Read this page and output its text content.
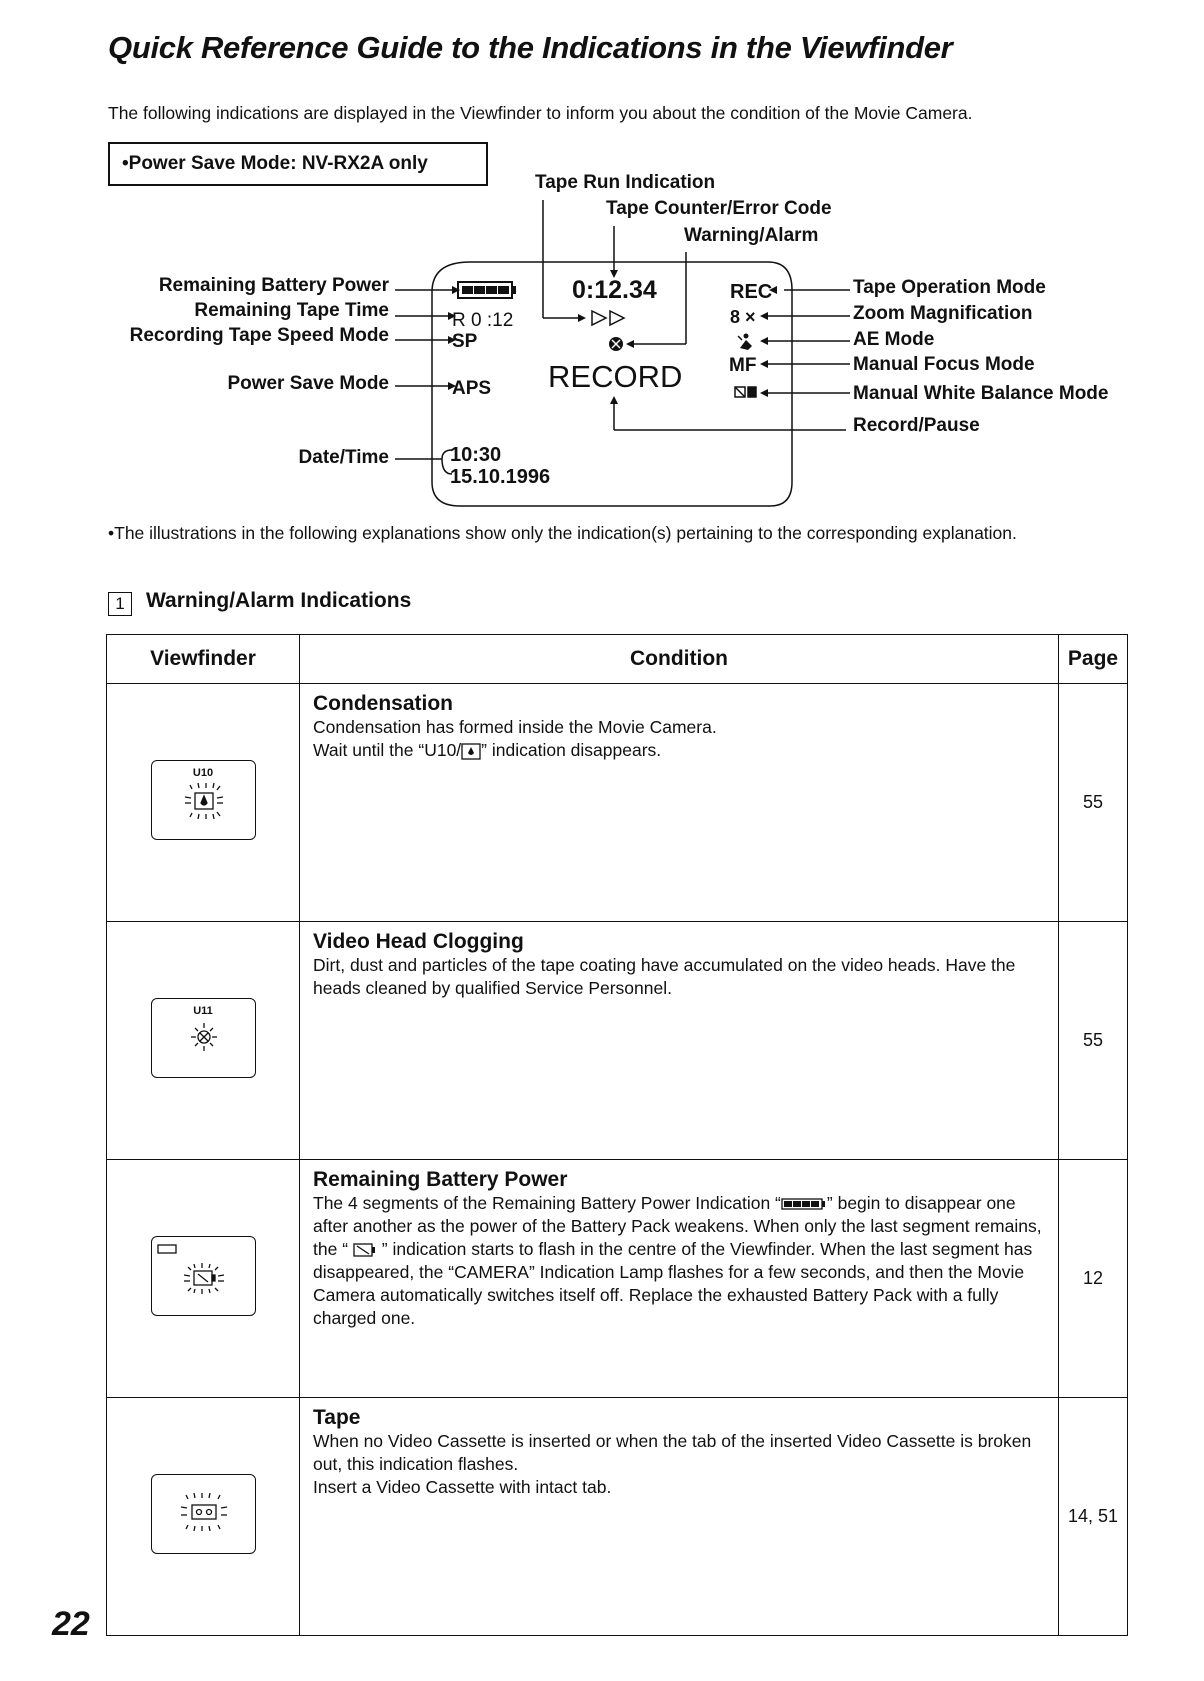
Quick Reference Guide to the Indications in the Viewfinder
The following indications are displayed in the Viewfinder to inform you about the condition of the Movie Camera.
•Power Save Mode: NV-RX2A only
Tape Run Indication
Tape Counter/Error Code
Warning/Alarm
Remaining Battery Power
Remaining Tape Time
Recording Tape Speed Mode
Power Save Mode
Date/Time
Tape Operation Mode
Zoom Magnification
AE Mode
Manual Focus Mode
Manual White Balance Mode
Record/Pause
0:12.34
R 0 :12
SP
APS RECORD
REC
8 ×
MF
10:30
15.10.1996
•The illustrations in the following explanations show only the indication(s) pertaining to the corresponding explanation.
1	Warning/Alarm Indications
Viewfinder	Condition	Page

U10	Condensation
Condensation has formed inside the Movie Camera.
Wait until the “U10/ ” indication disappears.	55

U11	Video Head Clogging
Dirt, dust and particles of the tape coating have accumulated on the video heads. Have the heads cleaned by qualified Service Personnel.	55

Remaining Battery Power
The 4 segments of the Remaining Battery Power Indication “ ” begin to disappear one after another as the power of the Battery Pack weakens. When only the last segment remains, the “  ” indication starts to flash in the centre of the Viewfinder. When the last segment has disappeared, the “CAMERA” Indication Lamp flashes for a few seconds, and then the Movie Camera automatically switches itself off. Replace the exhausted Battery Pack with a fully charged one.	12

Tape
When no Video Cassette is inserted or when the tab of the inserted Video Cassette is broken out, this indication flashes.
Insert a Video Cassette with intact tab.	14, 51
22
